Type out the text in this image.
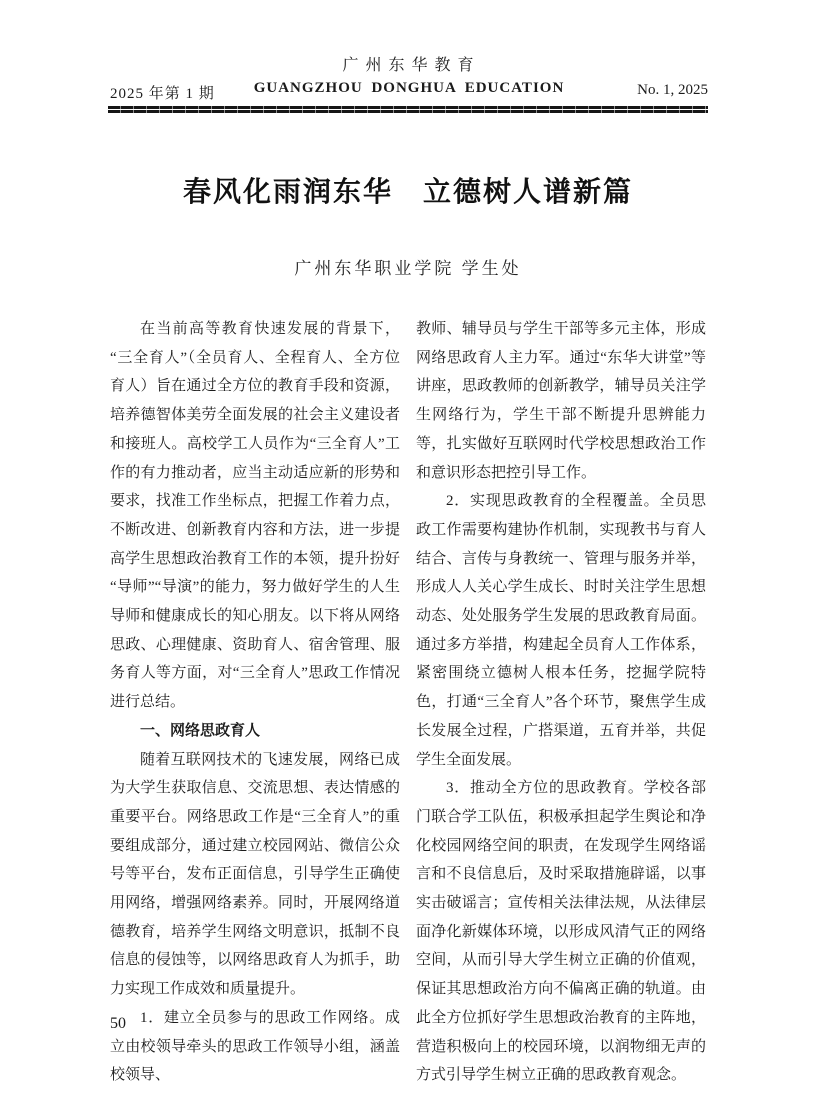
广州东华教育
2025 年第 1 期	GUANGZHOU DONGHUA EDUCATION	No. 1, 2025
春风化雨润东华　立德树人谱新篇
广州东华职业学院 学生处

在当前高等教育快速发展的背景下，“三全育人”（全员育人、全程育人、全方位育人）旨在通过全方位的教育手段和资源，培养德智体美劳全面发展的社会主义建设者和接班人。高校学工人员作为“三全育人”工作的有力推动者，应当主动适应新的形势和要求，找准工作坐标点，把握工作着力点，不断改进、创新教育内容和方法，进一步提高学生思想政治教育工作的本领，提升扮好“导师”“导演”的能力，努力做好学生的人生导师和健康成长的知心朋友。以下将从网络思政、心理健康、资助育人、宿舍管理、服务育人等方面，对“三全育人”思政工作情况进行总结。

一、网络思政育人

随着互联网技术的飞速发展，网络已成为大学生获取信息、交流思想、表达情感的重要平台。网络思政工作是“三全育人”的重要组成部分，通过建立校园网站、微信公众号等平台，发布正面信息，引导学生正确使用网络，增强网络素养。同时，开展网络道德教育，培养学生网络文明意识，抵制不良信息的侵蚀等，以网络思政育人为抓手，助力实现工作成效和质量提升。

1．建立全员参与的思政工作网络。成立由校领导牵头的思政工作领导小组，涵盖校领导、

教师、辅导员与学生干部等多元主体，形成网络思政育人主力军。通过“东华大讲堂”等讲座，思政教师的创新教学，辅导员关注学生网络行为，学生干部不断提升思辨能力等，扎实做好互联网时代学校思想政治工作和意识形态把控引导工作。

2．实现思政教育的全程覆盖。全员思政工作需要构建协作机制，实现教书与育人结合、言传与身教统一、管理与服务并举，形成人人关心学生成长、时时关注学生思想动态、处处服务学生发展的思政教育局面。通过多方举措，构建起全员育人工作体系，紧密围绕立德树人根本任务，挖掘学院特色，打通“三全育人”各个环节，聚焦学生成长发展全过程，广搭渠道，五育并举，共促学生全面发展。

3．推动全方位的思政教育。学校各部门联合学工队伍，积极承担起学生舆论和净化校园网络空间的职责，在发现学生网络谣言和不良信息后，及时采取措施辟谣，以事实击破谣言；宣传相关法律法规，从法律层面净化新媒体环境，以形成风清气正的网络空间，从而引导大学生树立正确的价值观，保证其思想政治方向不偏离正确的轨道。由此全方位抓好学生思想政治教育的主阵地，营造积极向上的校园环境，以润物细无声的方式引导学生树立正确的思政教育观念。

50
